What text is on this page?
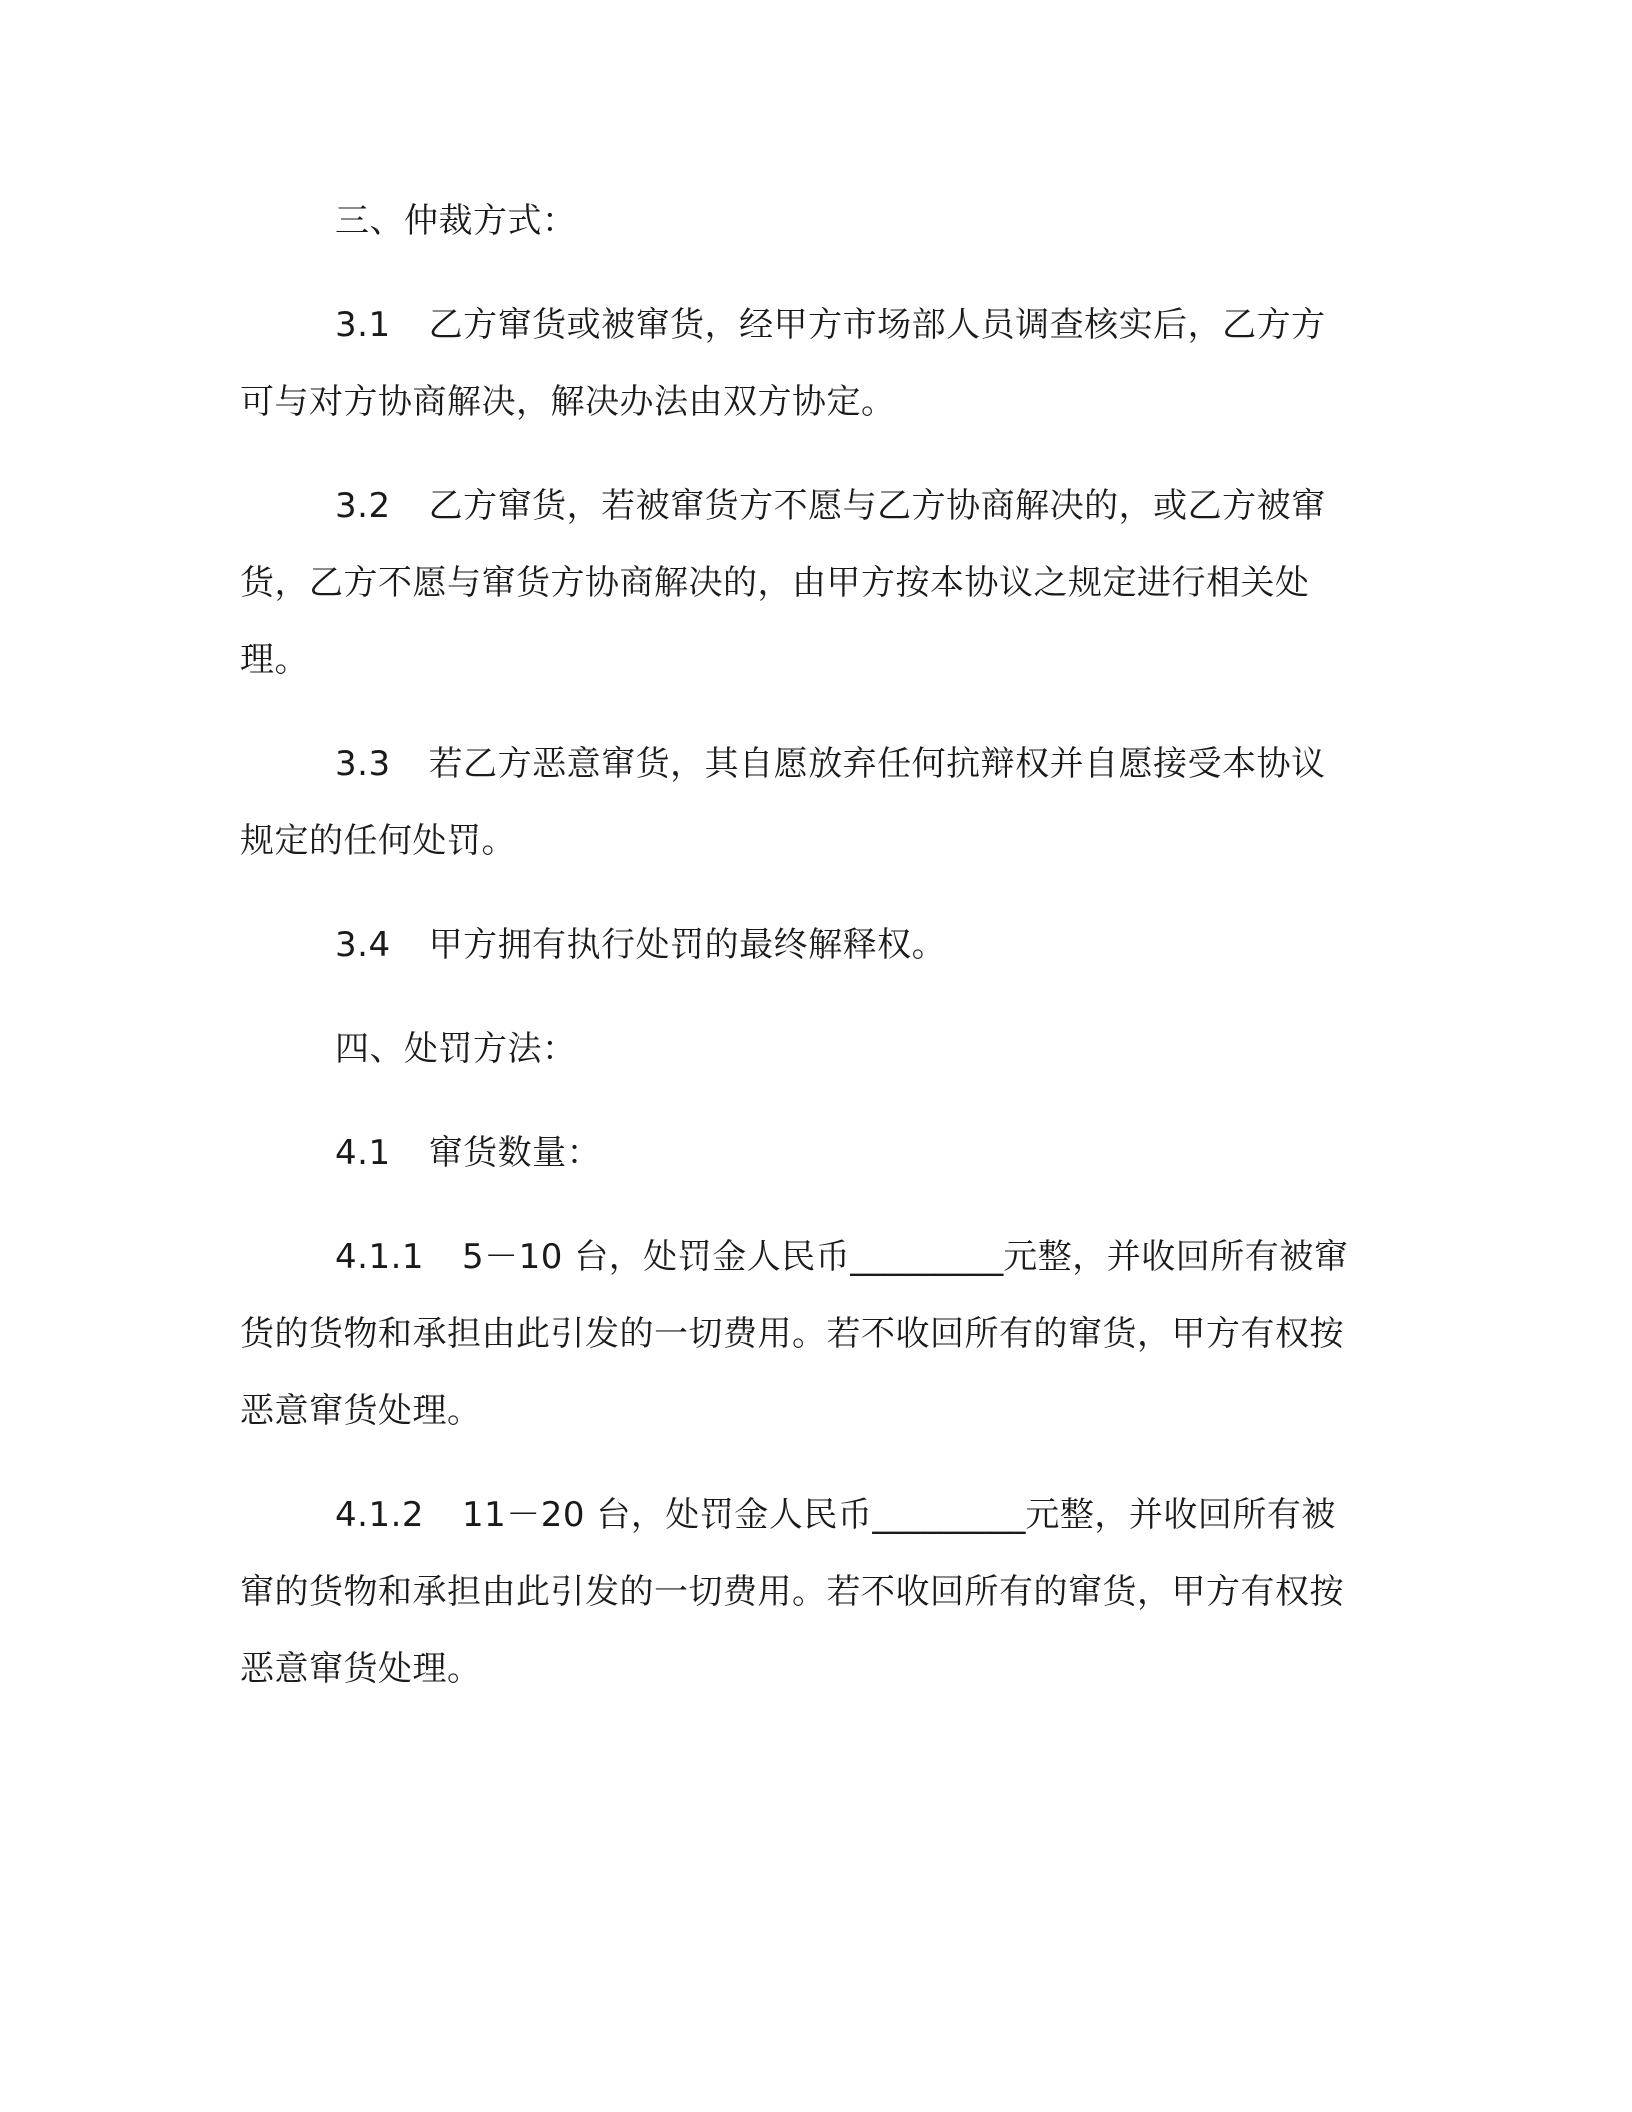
三、仲裁方式：

3.1 乙方窜货或被窜货，经甲方市场部人员调查核实后，乙方方可与对方协商解决，解决办法由双方协定。

3.2 乙方窜货，若被窜货方不愿与乙方协商解决的，或乙方被窜货，乙方不愿与窜货方协商解决的，由甲方按本协议之规定进行相关处理。

3.3 若乙方恶意窜货，其自愿放弃任何抗辩权并自愿接受本协议规定的任何处罚。

3.4 甲方拥有执行处罚的最终解释权。

四、处罚方法：

4.1 窜货数量：

4.1.1 5－10 台，处罚金人民币_________元整，并收回所有被窜货的货物和承担由此引发的一切费用。若不收回所有的窜货，甲方有权按恶意窜货处理。

4.1.2 11－20 台，处罚金人民币_________元整，并收回所有被窜的货物和承担由此引发的一切费用。若不收回所有的窜货，甲方有权按恶意窜货处理。
